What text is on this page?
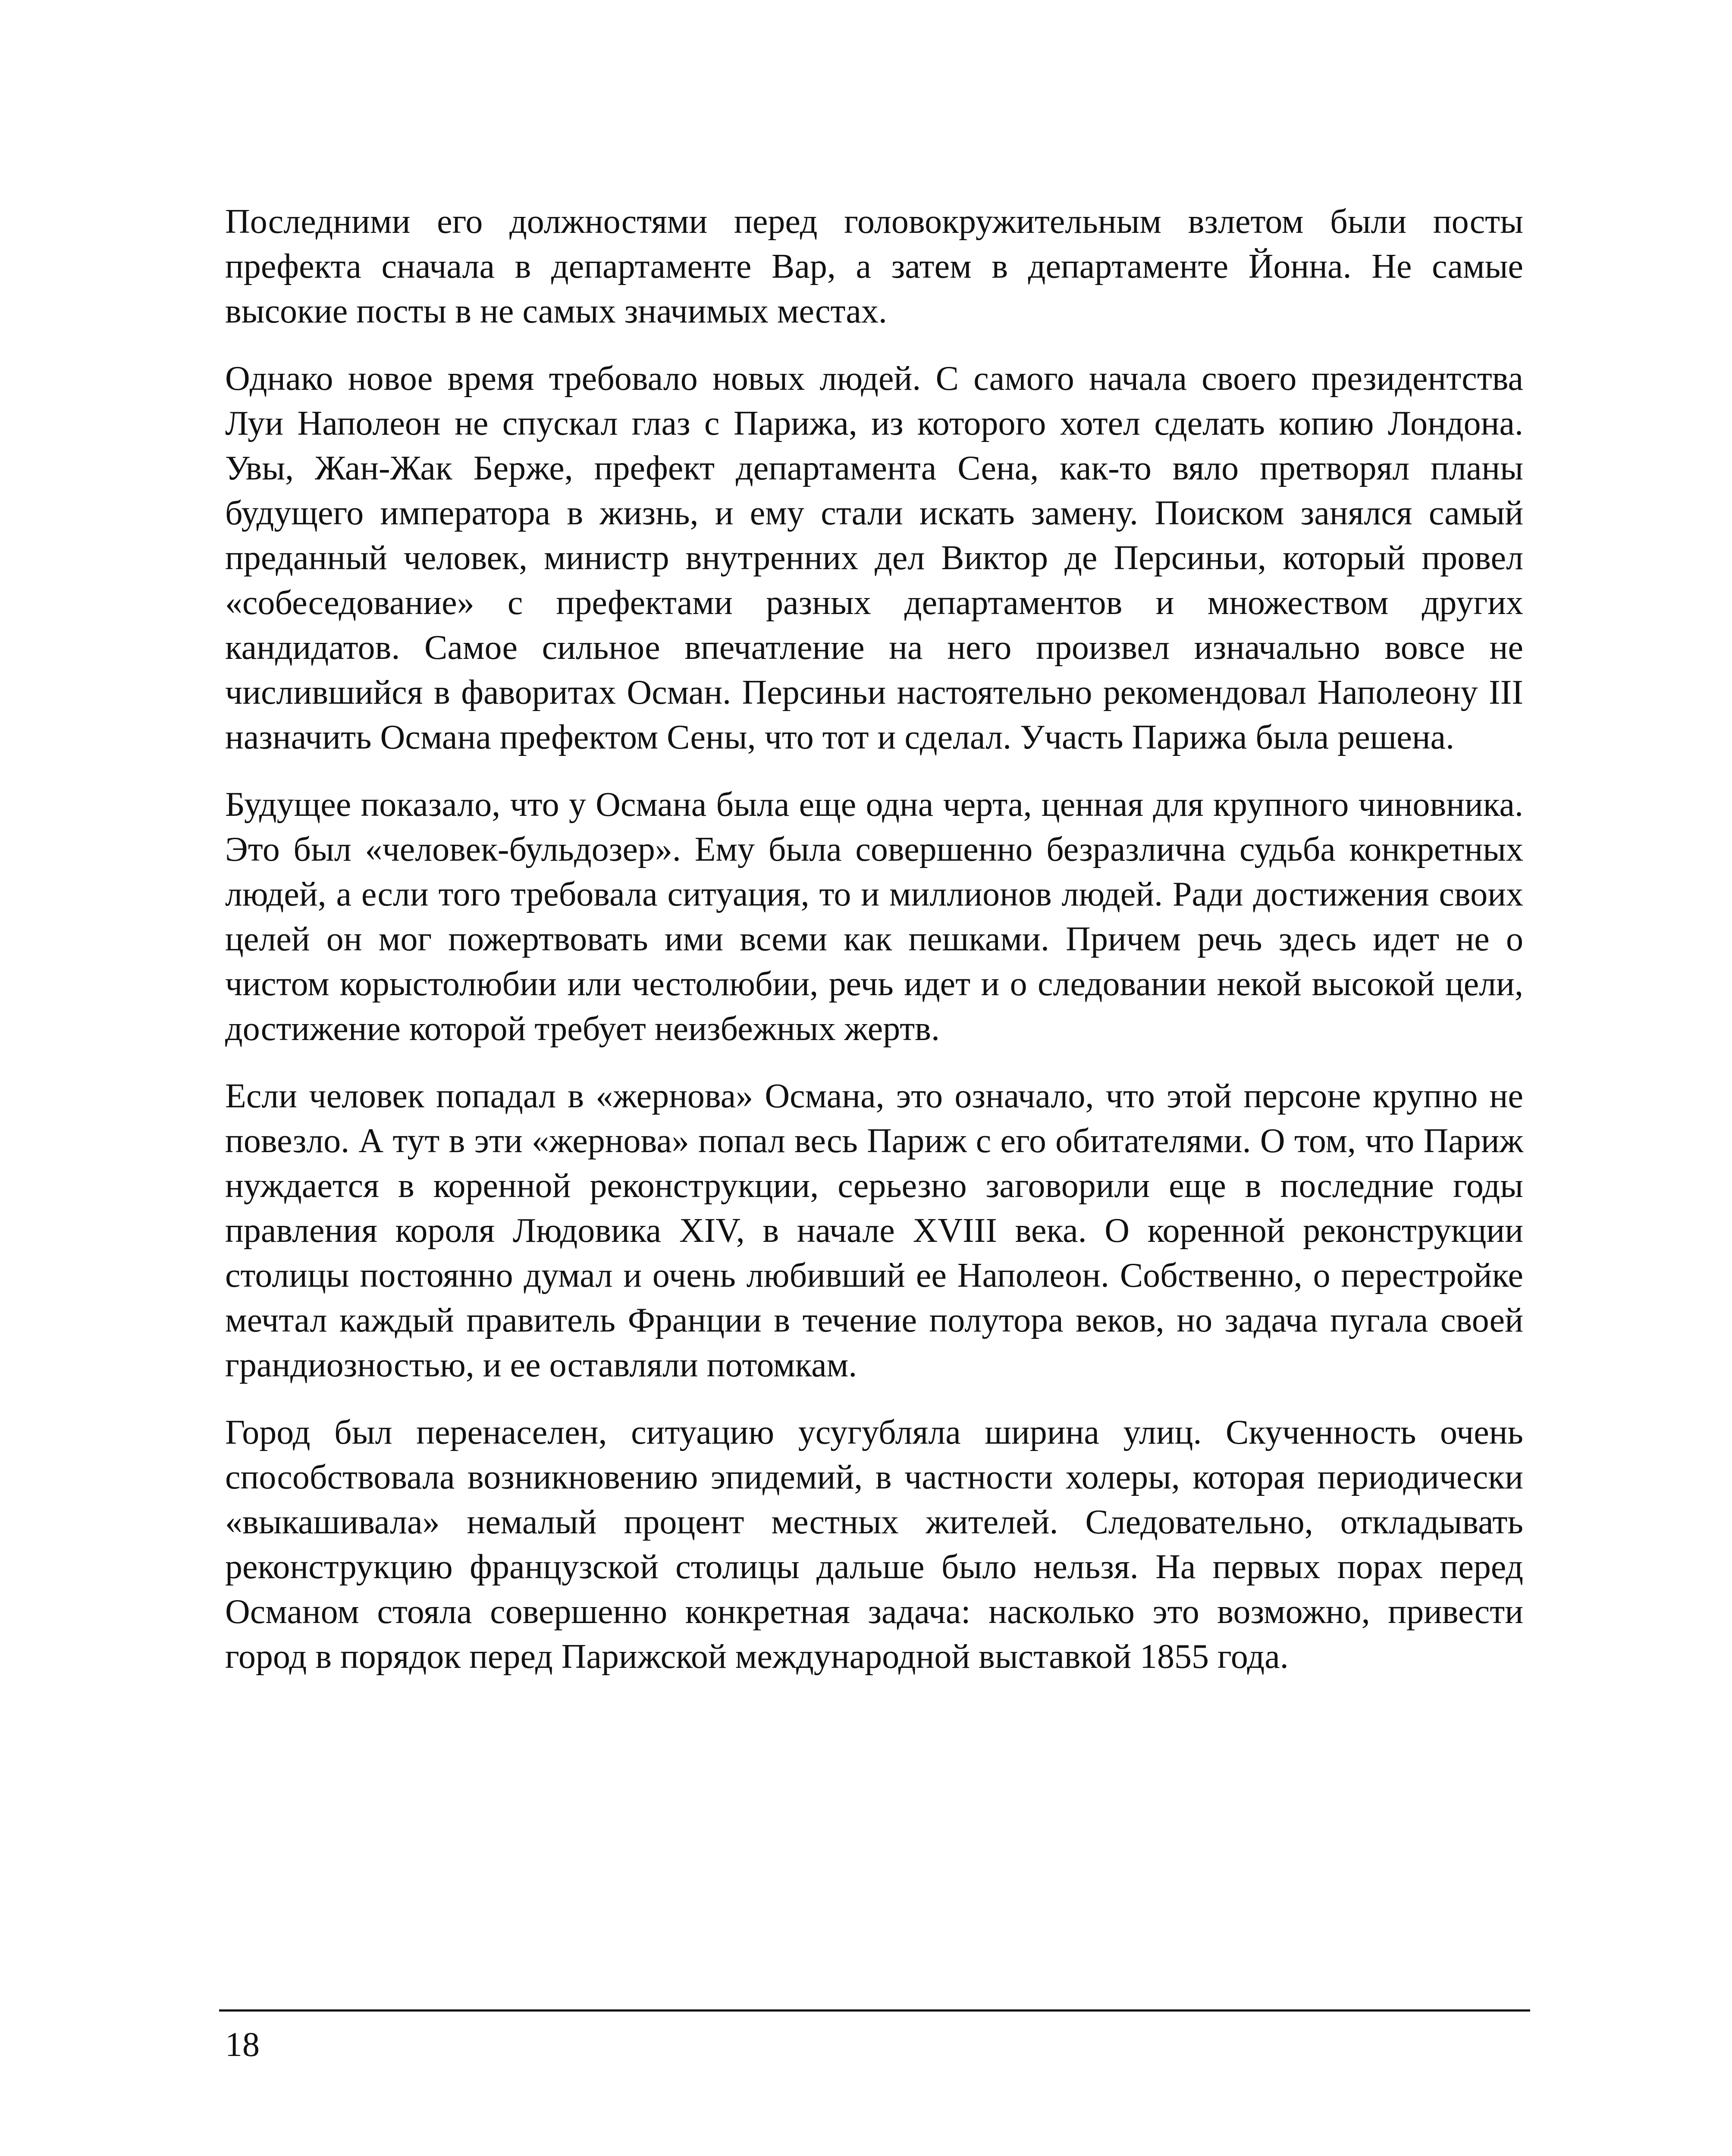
Последними его должностями перед головокружительным взлетом были посты префекта сначала в департаменте Вар, а затем в департаменте Йонна. Не самые высокие посты в не самых значимых местах.

Однако новое время требовало новых людей. С самого начала своего президентства Луи Наполеон не спускал глаз с Парижа, из которого хотел сделать копию Лондона. Увы, Жан-Жак Берже, префект департамента Сена, как-то вяло претворял планы будущего императора в жизнь, и ему стали искать замену. Поиском занялся самый преданный человек, министр внутренних дел Виктор де Персиньи, который провел «собеседование» с префектами разных департаментов и множеством других кандидатов. Самое сильное впечатление на него произвел изначально вовсе не числившийся в фаворитах Осман. Персиньи настоятельно рекомендовал Наполеону III назначить Османа префектом Сены, что тот и сделал. Участь Парижа была решена.

Будущее показало, что у Османа была еще одна черта, ценная для крупного чиновника. Это был «человек-бульдозер». Ему была совершенно безразлична судьба конкретных людей, а если того требовала ситуация, то и миллионов людей. Ради достижения своих целей он мог пожертвовать ими всеми как пешками. Причем речь здесь идет не о чистом корыстолюбии или честолюбии, речь идет и о следовании некой высокой цели, достижение которой требует неизбежных жертв.

Если человек попадал в «жернова» Османа, это означало, что этой персоне крупно не повезло. А тут в эти «жернова» попал весь Париж с его обитателями. О том, что Париж нуждается в коренной реконструкции, серьезно заговорили еще в последние годы правления короля Людовика XIV, в начале XVIII века. О коренной реконструкции столицы постоянно думал и очень любивший ее Наполеон. Собственно, о перестройке мечтал каждый правитель Франции в течение полутора веков, но задача пугала своей грандиозностью, и ее оставляли потомкам.

Город был перенаселен, ситуацию усугубляла ширина улиц. Скученность очень способствовала возникновению эпидемий, в частности холеры, которая периодически «выкашивала» немалый процент местных жителей. Следовательно, откладывать реконструкцию французской столицы дальше было нельзя. На первых порах перед Османом стояла совершенно конкретная задача: насколько это возможно, привести город в порядок перед Парижской международной выставкой 1855 года.

18
